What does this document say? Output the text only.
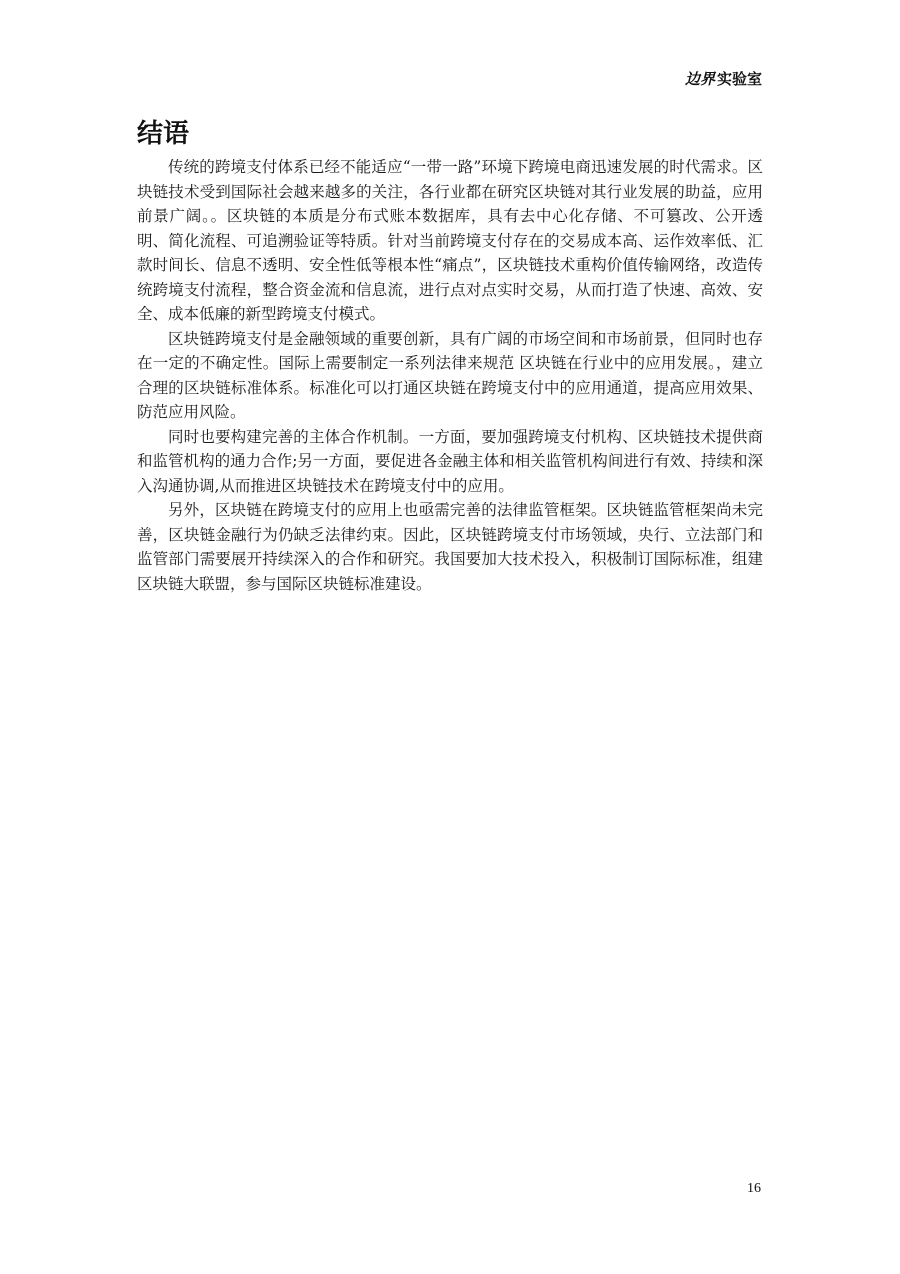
边界 实验室
结语

传统的跨境支付体系已经不能适应“一带一路”环境下跨境电商迅速发展的时代需求。区块链技术受到国际社会越来越多的关注，各行业都在研究区块链对其行业发展的助益，应用前景广阔。。区块链的本质是分布式账本数据库，具有去中心化存储、不可篡改、公开透明、简化流程、可追溯验证等特质。针对当前跨境支付存在的交易成本高、运作效率低、汇款时间长、信息不透明、安全性低等根本性“痛点”，区块链技术重构价值传输网络，改造传统跨境支付流程，整合资金流和信息流，进行点对点实时交易，从而打造了快速、高效、安全、成本低廉的新型跨境支付模式。

区块链跨境支付是金融领域的重要创新，具有广阔的市场空间和市场前景，但同时也存在一定的不确定性。国际上需要制定一系列法律来规范 区块链在行业中的应用发展。，建立合理的区块链标准体系。标准化可以打通区块链在跨境支付中的应用通道，提高应用效果、 防范应用风险。

同时也要构建完善的主体合作机制。一方面，要加强跨境支付机构、区块链技术提供商和监管机构的通力合作;另一方面，要促进各金融主体和相关监管机构间进行有效、持续和深入沟通协调,从而推进区块链技术在跨境支付中的应用。

另外，区块链在跨境支付的应用上也亟需完善的法律监管框架。区块链监管框架尚未完善，区块链金融行为仍缺乏法律约束。因此，区块链跨境支付市场领域，央行、立法部门和监管部门需要展开持续深入的合作和研究。我国要加大技术投入，积极制订国际标准，组建区块链大联盟，参与国际区块链标准建设。

16
